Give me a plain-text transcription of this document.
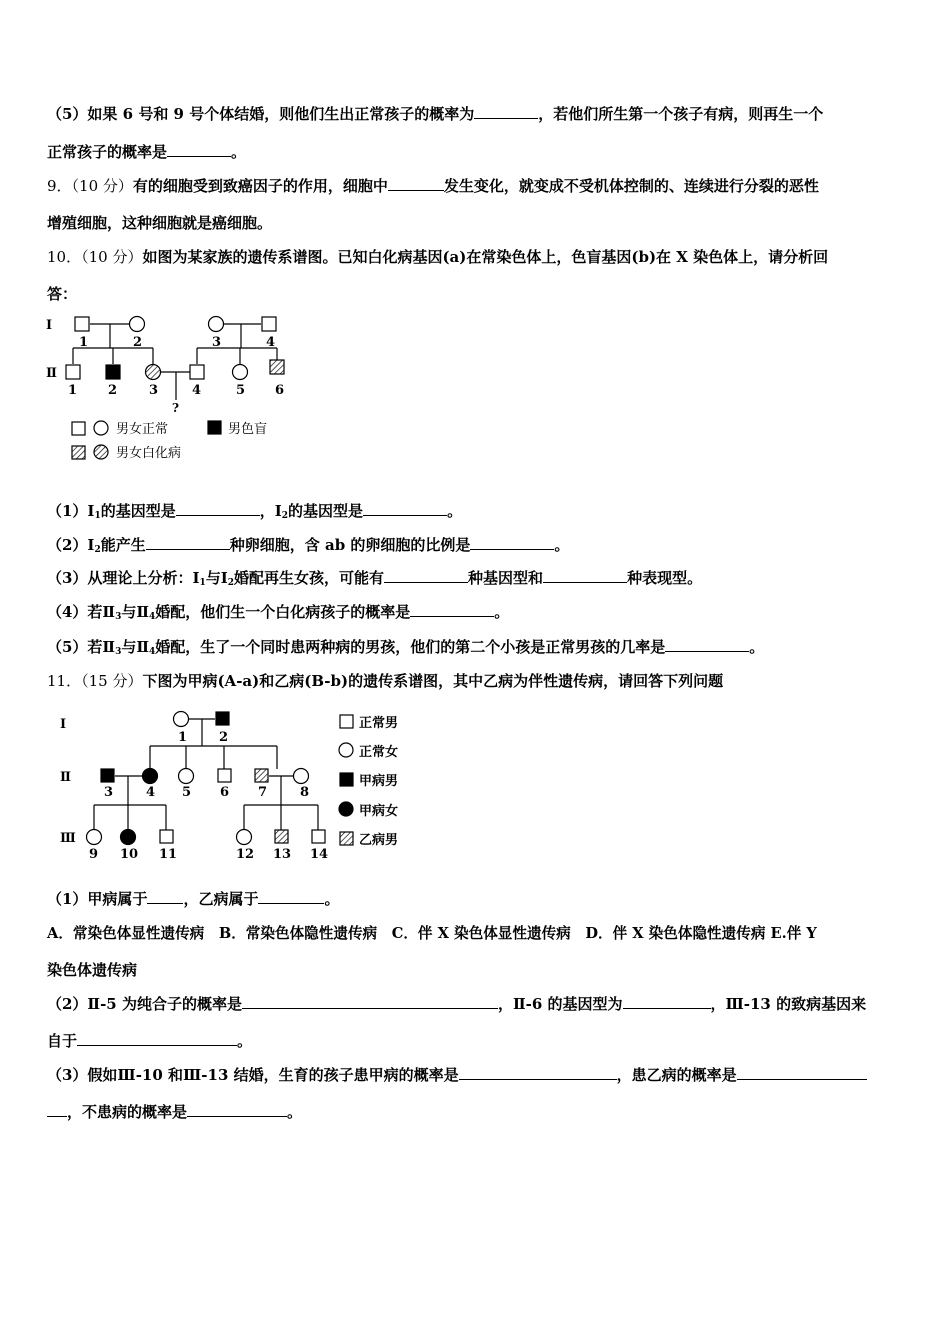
（5）如果 6 号和 9 号个体结婚，则他们生出正常孩子的概率为	，若他们所生第一个孩子有病，则再生一个
正常孩子的概率是	。
9．（10 分）有的细胞受到致癌因子的作用，细胞中	发生变化，就变成不受机体控制的、连续进行分裂的恶性
增殖细胞，这种细胞就是癌细胞。
10．（10 分）如图为某家族的遗传系谱图。已知白化病基因(a)在常染色体上，色盲基因(b)在 X 染色体上，请分析回
答：
Ⅰ
Ⅱ
1	2	3	4
1 2 3	4	5 6
?
男女正常	男色盲
男女白化病
$(1)Ⅰ_1$的基因型是	，$Ⅰ_2$的基因型是	。
$(2)Ⅰ_2$能产生	种卵细胞，含 ab 的卵细胞的比例是	。
（3）从理论上分析：$Ⅰ_1$与$Ⅰ_2$婚配再生女孩，可能有	种基因型和	种表现型。
（4）若$Ⅱ_3$与$Ⅱ_4$婚配，他们生一个白化病孩子的概率是	。
（5）若$Ⅱ_3$与$Ⅱ_4$婚配，生了一个同时患两种病的男孩，他们的第二个小孩是正常男孩的几率是	。
11．（15 分）下图为甲病(A-a)和乙病(B-b)的遗传系谱图，其中乙病为伴性遗传病，请回答下列问题
Ⅰ
Ⅱ
Ⅲ
1 2
3	4 5 6 7	8
9 10 11	12 13 14
正常男
正常女
甲病男
甲病女
乙病男
（1）甲病属于 ，乙病属于	。
A．常染色体显性遗传病　B．常染色体隐性遗传病　C．伴 X 染色体显性遗传病　D．伴 X 染色体隐性遗传病 E.伴 Y
染色体遗传病
（2）Ⅱ-5 为纯合子的概率是	，Ⅱ-6 的基因型为	，Ⅲ-13 的致病基因来
自于	。
（3）假如Ⅲ-10 和Ⅲ-13 结婚，生育的孩子患甲病的概率是	，患乙病的概率是
，不患病的概率是	。
